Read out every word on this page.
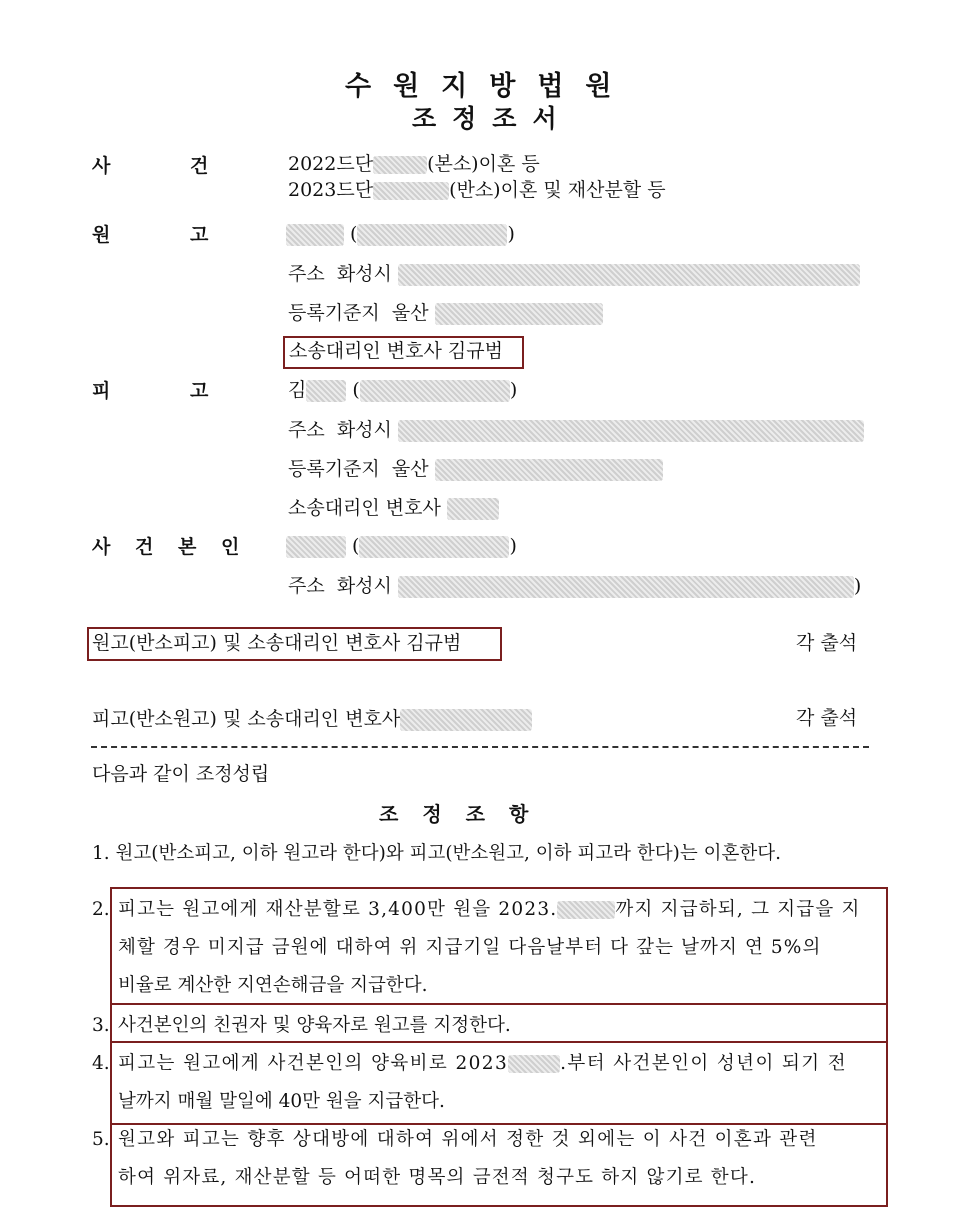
수원지방법원
조정조서
사	건	2022드단	(본소)이혼 등
2023드단	(반소)이혼 및 재산분할 등
원	고	(	)
주소 화성시
등록기준지 울산
소송대리인 변호사 김규범
피	고	김 (	)
주소 화성시
등록기준지 울산
소송대리인 변호사
사 건 본 인	(	)
주소 화성시	)
원고(반소피고) 및 소송대리인 변호사 김규범	각 출석
피고(반소원고) 및 소송대리인 변호사	각 출석
다음과 같이 조정성립
조정조항
1. 원고(반소피고, 이하 원고라 한다)와 피고(반소원고, 이하 피고라 한다)는 이혼한다.
2. 피고는 원고에게 재산분할로 3,400만 원을 2023.	까지 지급하되, 그 지급을 지
체할 경우 미지급 금원에 대하여 위 지급기일 다음날부터 다 갚는 날까지 연 5%의
비율로 계산한 지연손해금을 지급한다.
3. 사건본인의 친권자 및 양육자로 원고를 지정한다.
4. 피고는 원고에게 사건본인의 양육비로 2023	.부터 사건본인이 성년이 되기 전
날까지 매월 말일에 40만 원을 지급한다.
5. 원고와 피고는 향후 상대방에 대하여 위에서 정한 것 외에는 이 사건 이혼과 관련
하여 위자료, 재산분할 등 어떠한 명목의 금전적 청구도 하지 않기로 한다.
